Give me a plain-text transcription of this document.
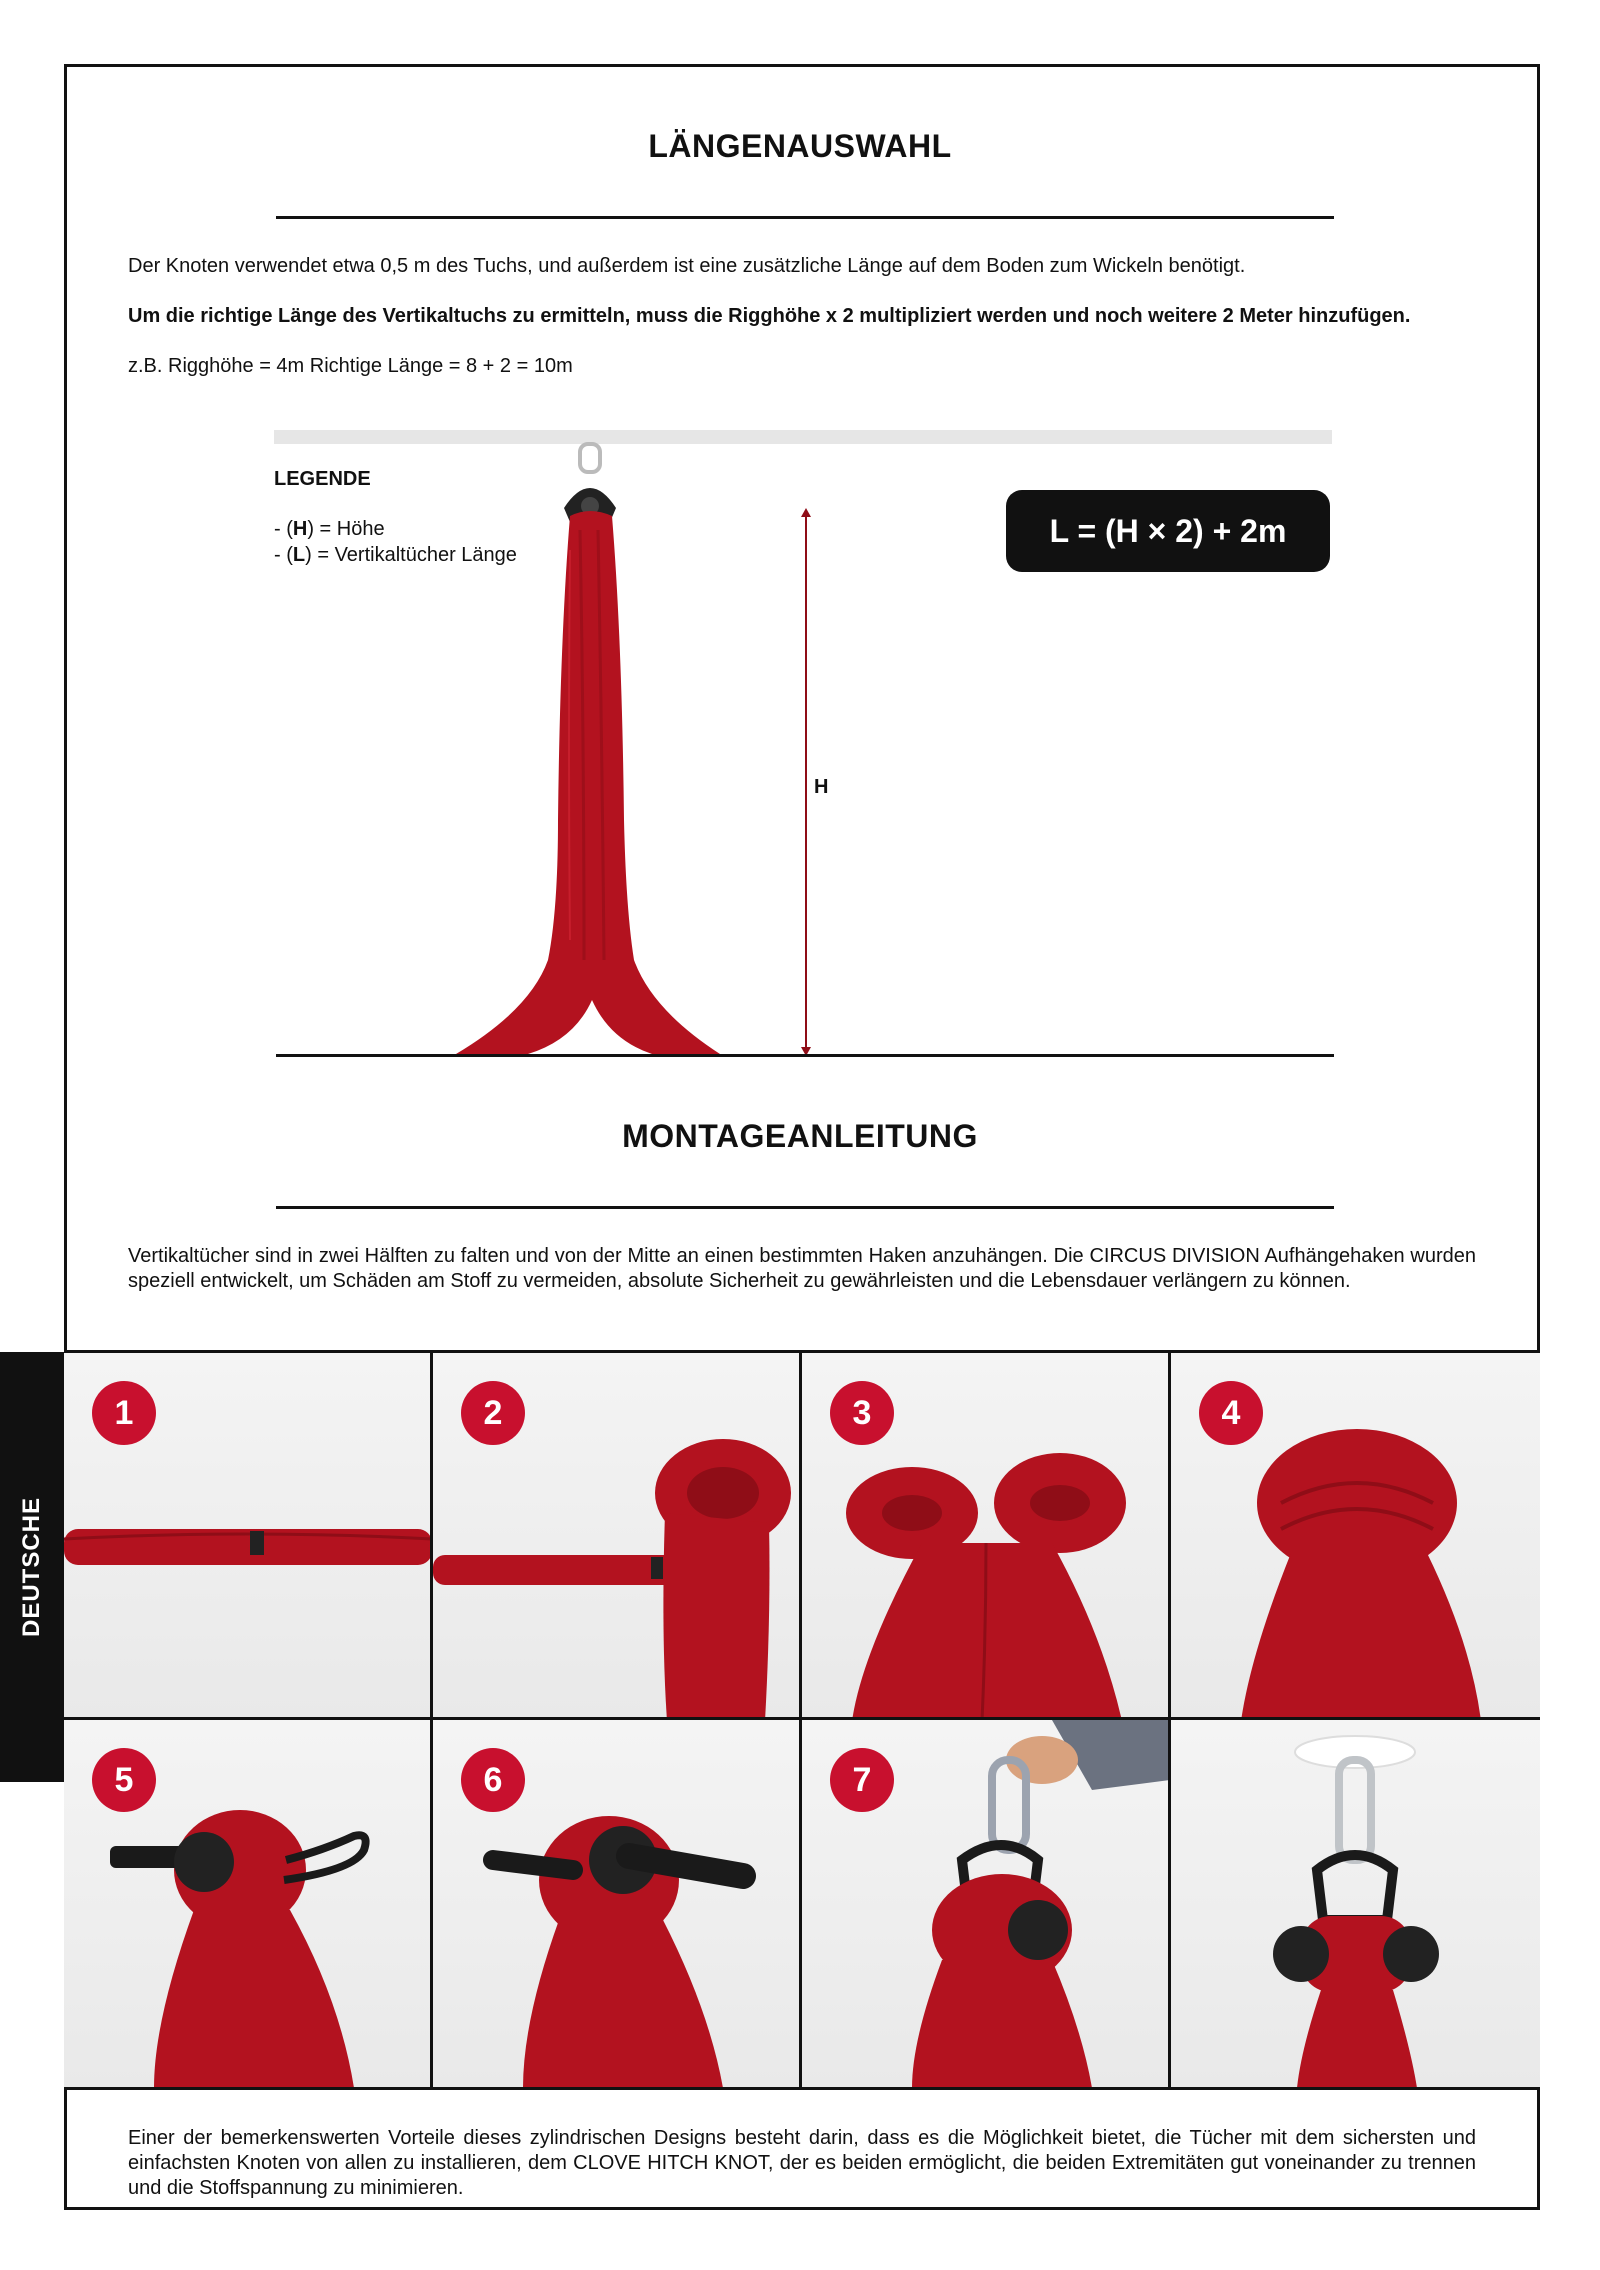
LÄNGENAUSWAHL
Der Knoten verwendet etwa 0,5 m des Tuchs, und außerdem ist eine zusätzliche Länge auf dem Boden zum Wickeln benötigt.
Um die richtige Länge des Vertikaltuchs zu ermitteln, muss die Rigghöhe x 2 multipliziert werden und noch weitere 2 Meter hinzufügen.
z.B. Rigghöhe = 4m Richtige Länge = 8 + 2 = 10m
LEGENDE
- (H) = Höhe
- (L) = Vertikaltücher Länge
L = (H × 2) + 2m
H
MONTAGEANLEITUNG
Vertikaltücher sind in zwei Hälften zu falten und von der Mitte an einen bestimmten Haken anzuhängen. Die CIRCUS DIVISION Aufhängehaken wurden speziell entwickelt, um Schäden am Stoff zu vermeiden, absolute Sicherheit zu gewährleisten und die Lebensdauer verlängern zu können.
DEUTSCHE
1	2	3	4
5	6	7
Einer der bemerkenswerten Vorteile dieses zylindrischen Designs besteht darin, dass es die Möglichkeit bietet, die Tücher mit dem sichersten und einfachsten Knoten von allen zu installieren, dem CLOVE HITCH KNOT, der es beiden ermöglicht, die beiden Extremitäten gut voneinander zu trennen und die Stoffspannung zu minimieren.
